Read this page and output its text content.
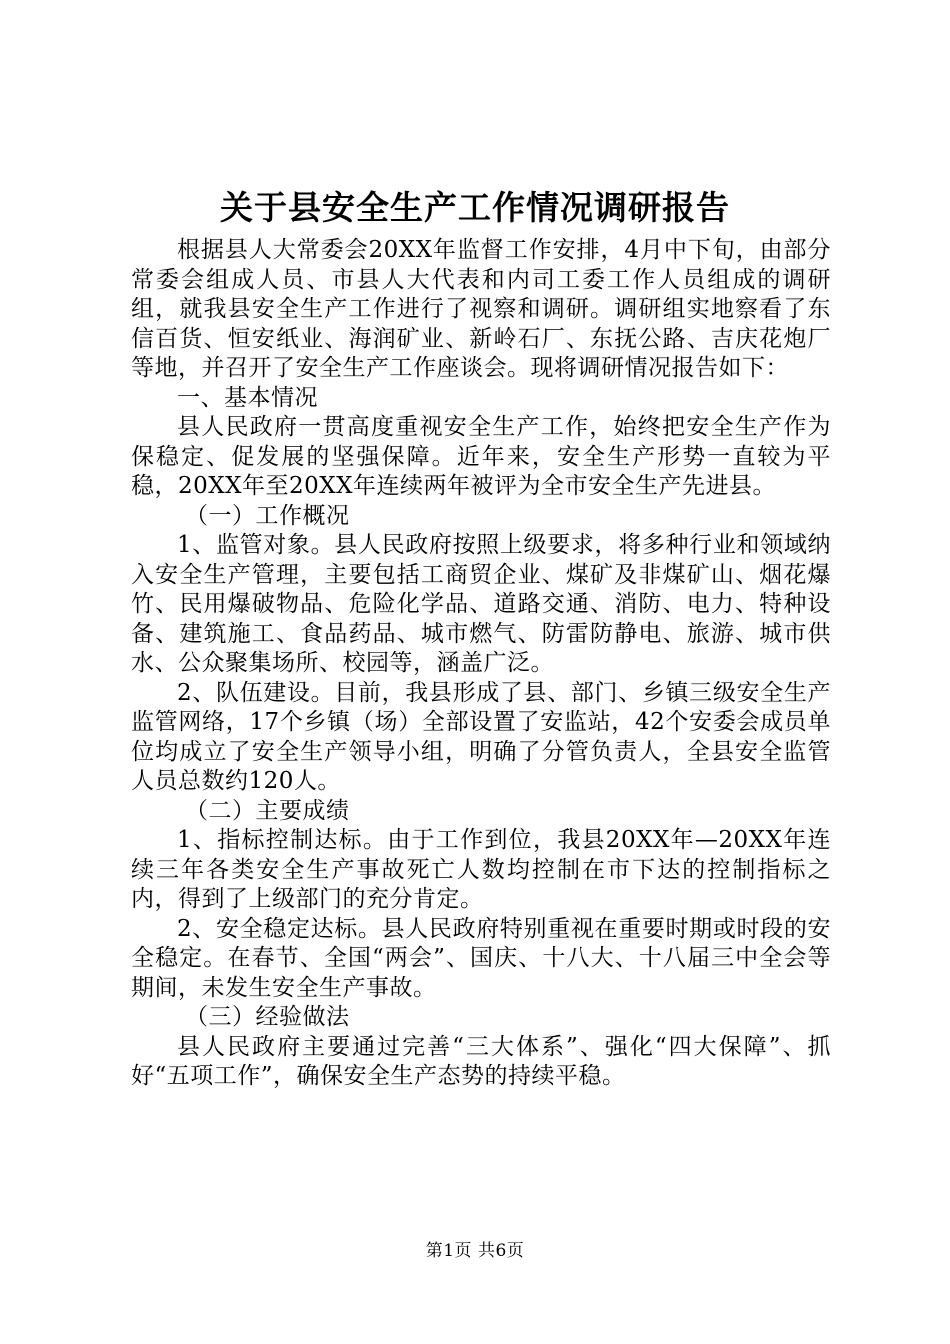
关于县安全生产工作情况调研报告

根据县人大常委会20XX年监督工作安排，4月中下旬，由部分常委会组成人员、市县人大代表和内司工委工作人员组成的调研组，就我县安全生产工作进行了视察和调研。调研组实地察看了东信百货、恒安纸业、海润矿业、新岭石厂、东抚公路、吉庆花炮厂等地，并召开了安全生产工作座谈会。现将调研情况报告如下：

一、基本情况

县人民政府一贯高度重视安全生产工作，始终把安全生产作为保稳定、促发展的坚强保障。近年来，安全生产形势一直较为平稳，20XX年至20XX年连续两年被评为全市安全生产先进县。

（一）工作概况

1、监管对象。县人民政府按照上级要求，将多种行业和领域纳入安全生产管理，主要包括工商贸企业、煤矿及非煤矿山、烟花爆竹、民用爆破物品、危险化学品、道路交通、消防、电力、特种设备、建筑施工、食品药品、城市燃气、防雷防静电、旅游、城市供水、公众聚集场所、校园等，涵盖广泛。

2、队伍建设。目前，我县形成了县、部门、乡镇三级安全生产监管网络，17个乡镇（场）全部设置了安监站，42个安委会成员单位均成立了安全生产领导小组，明确了分管负责人，全县安全监管人员总数约120人。

（二）主要成绩

1、指标控制达标。由于工作到位，我县20XX年—20XX年连续三年各类安全生产事故死亡人数均控制在市下达的控制指标之内，得到了上级部门的充分肯定。

2、安全稳定达标。县人民政府特别重视在重要时期或时段的安全稳定。在春节、全国“两会”、国庆、十八大、十八届三中全会等期间，未发生安全生产事故。

（三）经验做法

县人民政府主要通过完善“三大体系”、强化“四大保障”、抓好“五项工作”，确保安全生产态势的持续平稳。

第1页 共6页
